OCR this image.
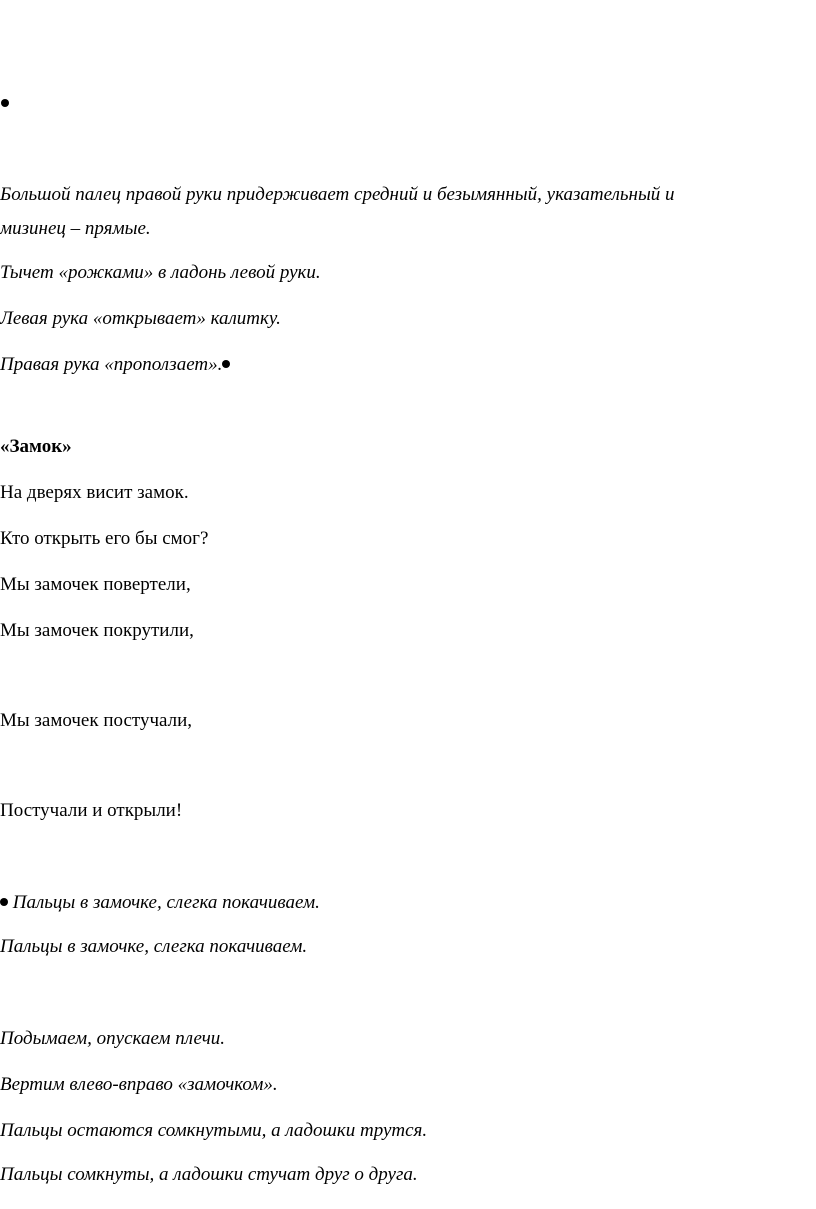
Большой палец правой руки придерживает средний и безымянный, указательный и

мизинец – прямые.

Тычет «рожками» в ладонь левой руки.

Левая рука «открывает» калитку.

Правая рука «проползает».

«Замок»

На дверях висит замок.

Кто открыть его бы смог?

Мы замочек повертели,

Мы замочек покрутили,

Мы замочек постучали,

Постучали и открыли!

Пальцы в замочке, слегка покачиваем.

Пальцы в замочке, слегка покачиваем.

Подымаем, опускаем плечи.

Вертим влево-вправо «замочком».

Пальцы остаются сомкнутыми, а ладошки трутся.

Пальцы сомкнуты, а ладошки стучат друг о друга.
